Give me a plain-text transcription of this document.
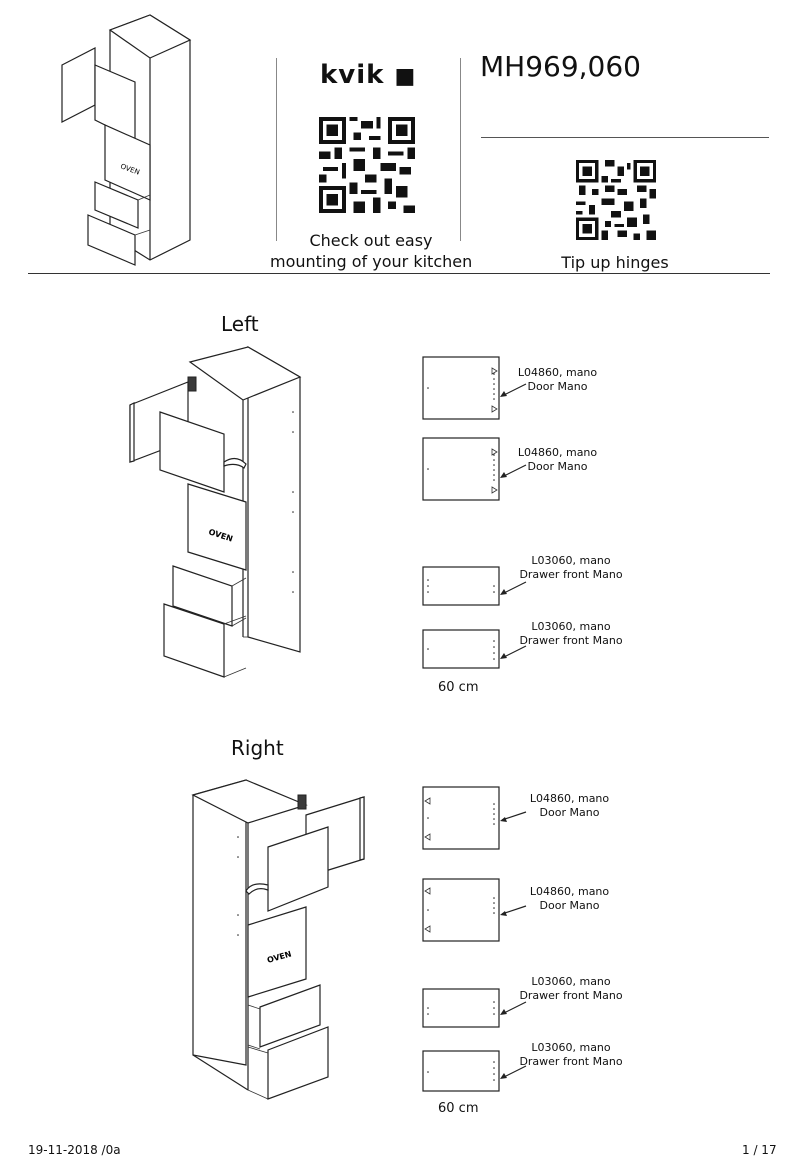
OVEN
kvik ■
Check out easy
mounting of your kitchen
MH969,060
Tip up hinges
Left
OVEN
L04860, mano
Door Mano
L04860, mano
Door Mano
L03060, mano
Drawer front Mano
L03060, mano
Drawer front Mano
60 cm
Right
OVEN
L04860, mano
Door Mano
L04860, mano
Door Mano
L03060, mano
Drawer front Mano
L03060, mano
Drawer front Mano
60 cm
19-11-2018 /0a	1 / 17
